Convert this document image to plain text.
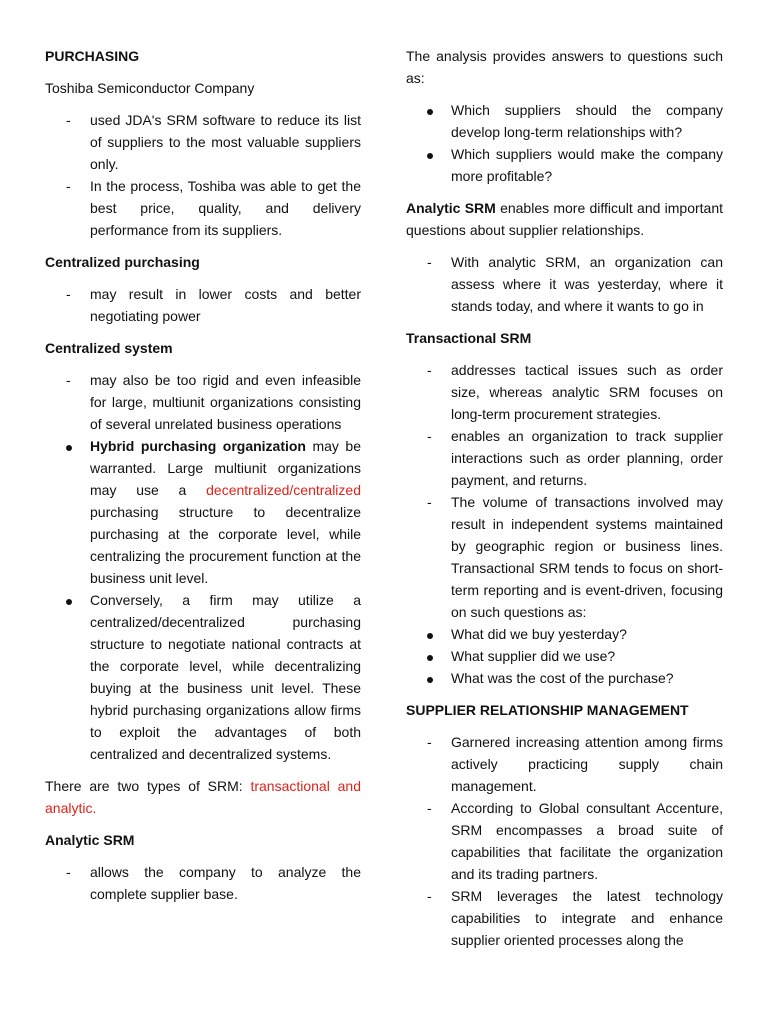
PURCHASING

Toshiba Semiconductor Company

- used JDA's SRM software to reduce its list of suppliers to the most valuable suppliers only.
- In the process, Toshiba was able to get the best price, quality, and delivery performance from its suppliers.

Centralized purchasing

- may result in lower costs and better negotiating power

Centralized system

- may also be too rigid and even infeasible for large, multiunit organizations consisting of several unrelated business operations
Hybrid purchasing organization may be warranted. Large multiunit organizations may use a decentralized/centralized purchasing structure to decentralize purchasing at the corporate level, while centralizing the procurement function at the business unit level.
Conversely, a firm may utilize a centralized/decentralized purchasing structure to negotiate national contracts at the corporate level, while decentralizing buying at the business unit level. These hybrid purchasing organizations allow firms to exploit the advantages of both centralized and decentralized systems.

There are two types of SRM: transactional and analytic.

Analytic SRM

- allows the company to analyze the complete supplier base.

The analysis provides answers to questions such as:

Which suppliers should the company develop long-term relationships with?
Which suppliers would make the company more profitable?

Analytic SRM enables more difficult and important questions about supplier relationships.

- With analytic SRM, an organization can assess where it was yesterday, where it stands today, and where it wants to go in

Transactional SRM

- addresses tactical issues such as order size, whereas analytic SRM focuses on long-term procurement strategies.
- enables an organization to track supplier interactions such as order planning, order payment, and returns.
- The volume of transactions involved may result in independent systems maintained by geographic region or business lines. Transactional SRM tends to focus on short-term reporting and is event-driven, focusing on such questions as:
What did we buy yesterday?
What supplier did we use?
What was the cost of the purchase?

SUPPLIER RELATIONSHIP MANAGEMENT

- Garnered increasing attention among firms actively practicing supply chain management.
- According to Global consultant Accenture, SRM encompasses a broad suite of capabilities that facilitate the organization and its trading partners.
- SRM leverages the latest technology capabilities to integrate and enhance supplier oriented processes along the
